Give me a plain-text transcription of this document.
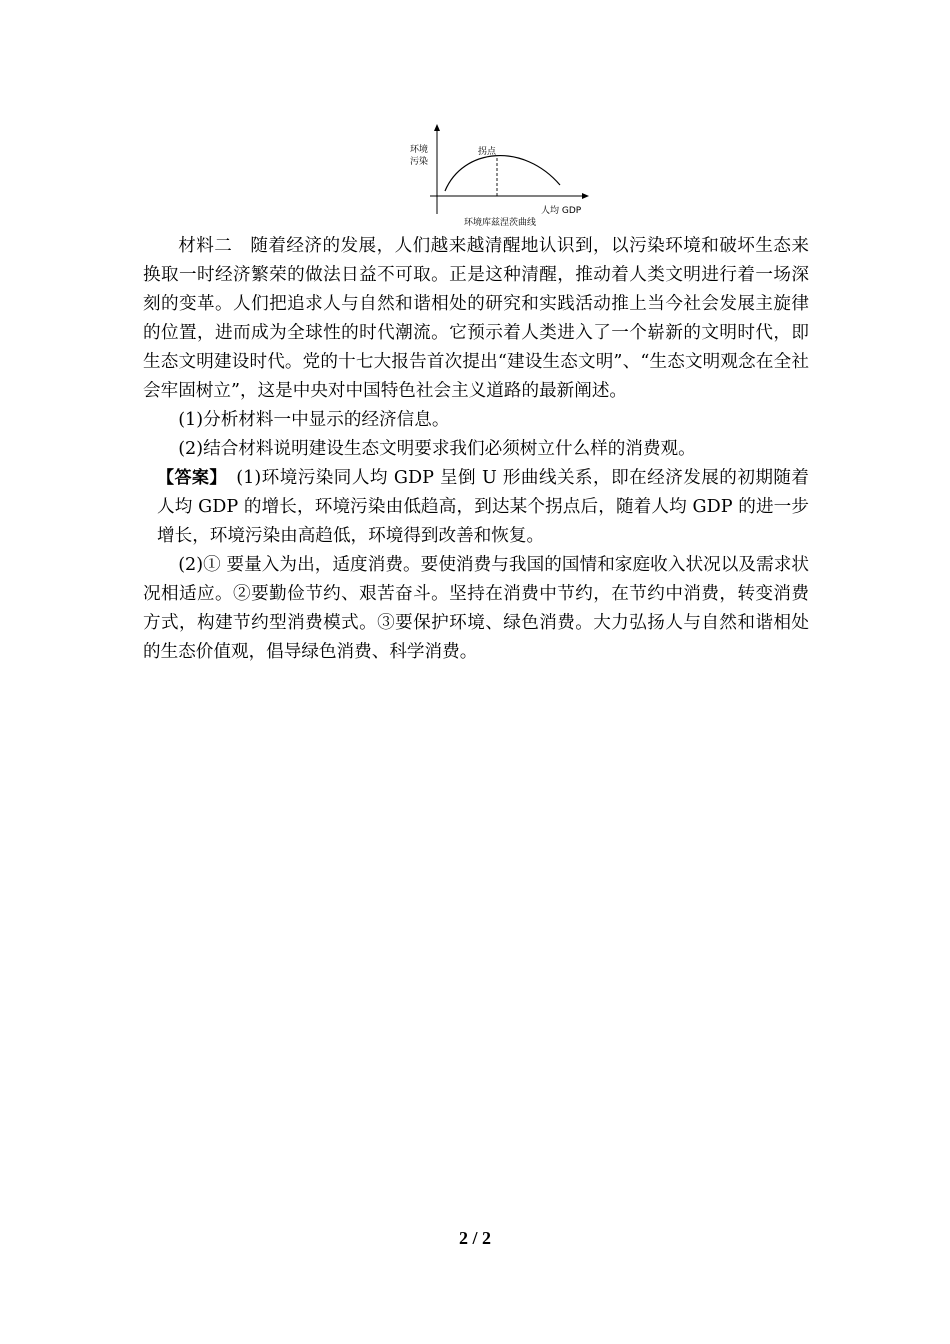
环境
污染
拐点
人均 GDP
环境库兹涅茨曲线

材料二　随着经济的发展，人们越来越清醒地认识到，以污染环境和破坏生态来换取一时经济繁荣的做法日益不可取。正是这种清醒，推动着人类文明进行着一场深刻的变革。人们把追求人与自然和谐相处的研究和实践活动推上当今社会发展主旋律的位置，进而成为全球性的时代潮流。它预示着人类进入了一个崭新的文明时代，即生态文明建设时代。党的十七大报告首次提出“建设生态文明”、“生态文明观念在全社会牢固树立”，这是中央对中国特色社会主义道路的最新阐述。

(1)分析材料一中显示的经济信息。

(2)结合材料说明建设生态文明要求我们必须树立什么样的消费观。

【答案】　(1)环境污染同人均 GDP 呈倒 U 形曲线关系，即在经济发展的初期随着人均 GDP 的增长，环境污染由低趋高，到达某个拐点后，随着人均 GDP 的进一步增长，环境污染由高趋低，环境得到改善和恢复。

(2)① 要量入为出，适度消费。要使消费与我国的国情和家庭收入状况以及需求状况相适应。②要勤俭节约、艰苦奋斗。坚持在消费中节约，在节约中消费，转变消费方式，构建节约型消费模式。③要保护环境、绿色消费。大力弘扬人与自然和谐相处的生态价值观，倡导绿色消费、科学消费。

2 / 2
